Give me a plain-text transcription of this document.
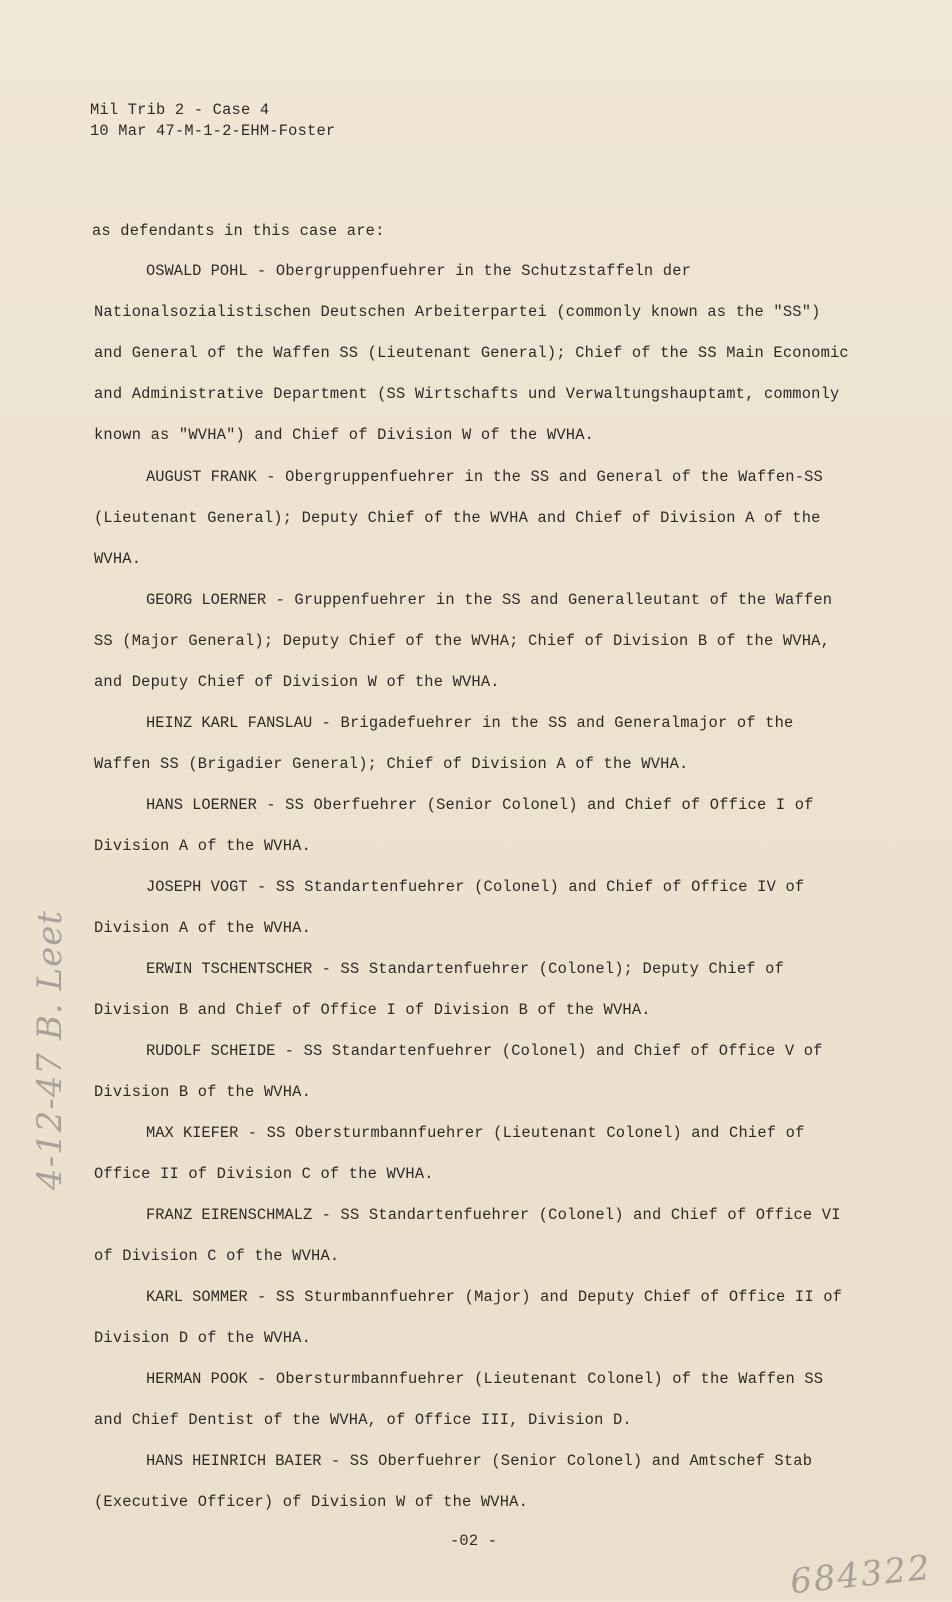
Mil Trib 2 - Case 4
10 Mar 47-M-1-2-EHM-Foster
as defendants in this case are:
OSWALD POHL - Obergruppenfuehrer in the Schutzstaffeln der Nationalsozialistischen Deutschen Arbeiterpartei (commonly known as the "SS") and General of the Waffen SS (Lieutenant General); Chief of the SS Main Economic and Administrative Department (SS Wirtschafts und Verwaltungshauptamt, commonly known as "WVHA") and Chief of Division W of the WVHA.
AUGUST FRANK - Obergruppenfuehrer in the SS and General of the Waffen-SS (Lieutenant General); Deputy Chief of the WVHA and Chief of Division A of the WVHA.
GEORG LOERNER - Gruppenfuehrer in the SS and Generalleutant of the Waffen SS (Major General); Deputy Chief of the WVHA; Chief of Division B of the WVHA, and Deputy Chief of Division W of the WVHA.
HEINZ KARL FANSLAU - Brigadefuehrer in the SS and Generalmajor of the Waffen SS (Brigadier General); Chief of Division A of the WVHA.
HANS LOERNER - SS Oberfuehrer (Senior Colonel) and Chief of Office I of Division A of the WVHA.
JOSEPH VOGT - SS Standartenfuehrer (Colonel) and Chief of Office IV of Division A of the WVHA.
ERWIN TSCHENTSCHER - SS Standartenfuehrer (Colonel); Deputy Chief of Division B and Chief of Office I of Division B of the WVHA.
RUDOLF SCHEIDE - SS Standartenfuehrer (Colonel) and Chief of Office V of Division B of the WVHA.
MAX KIEFER - SS Obersturmbannfuehrer (Lieutenant Colonel) and Chief of Office II of Division C of the WVHA.
FRANZ EIRENSCHMALZ - SS Standartenfuehrer (Colonel) and Chief of Office VI of Division C of the WVHA.
KARL SOMMER - SS Sturmbannfuehrer (Major) and Deputy Chief of Office II of Division D of the WVHA.
HERMAN POOK - Obersturmbannfuehrer (Lieutenant Colonel) of the Waffen SS and Chief Dentist of the WVHA, of Office III, Division D.
HANS HEINRICH BAIER - SS Oberfuehrer (Senior Colonel) and Amtschef Stab (Executive Officer) of Division W of the WVHA.
-02 -
4-12-47 B. Leet
684322
